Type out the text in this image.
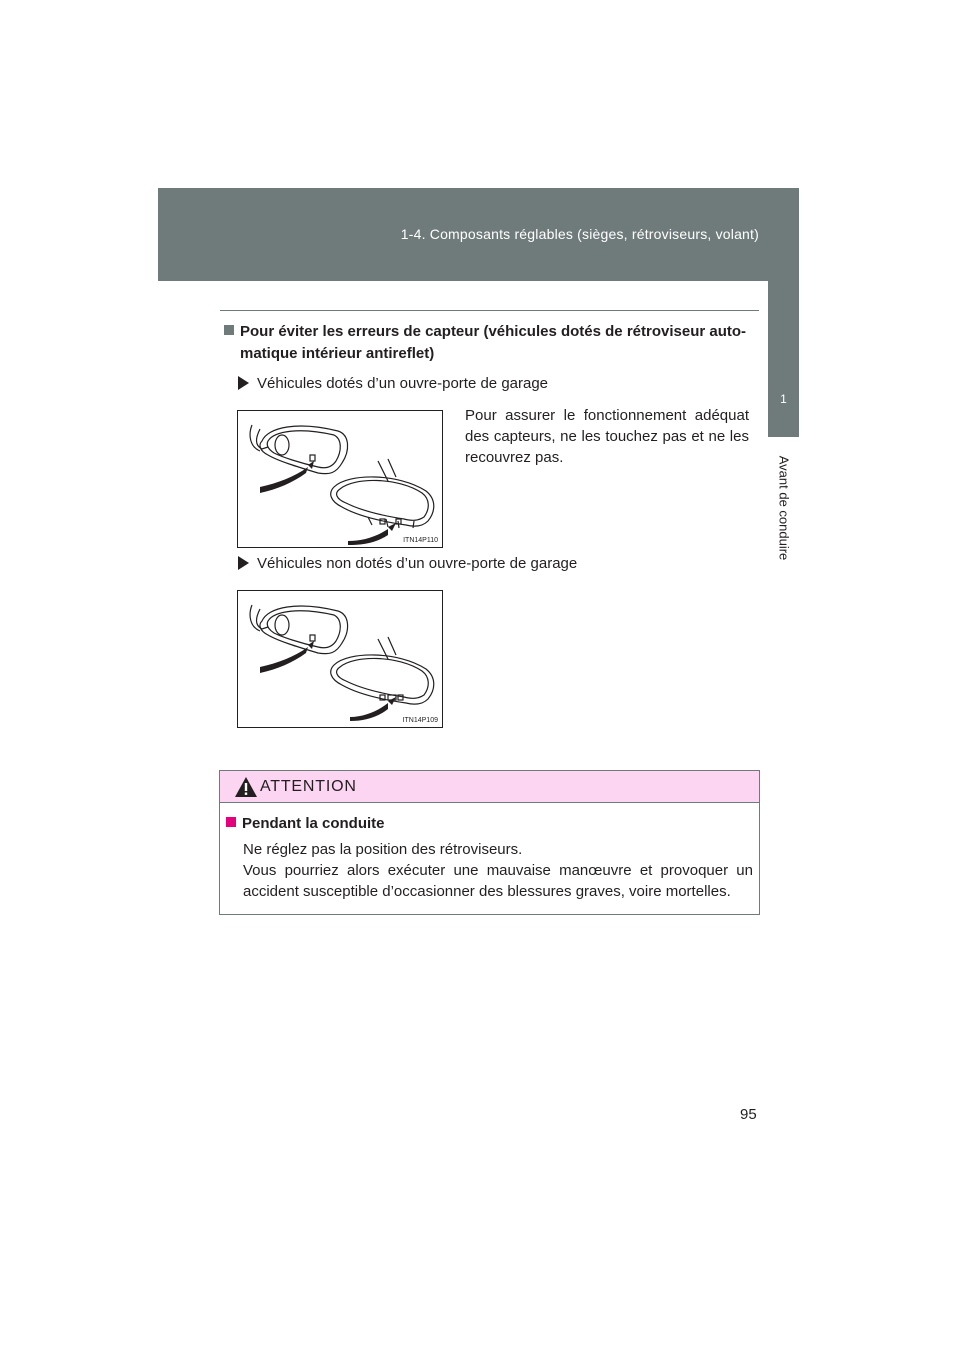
1-4. Composants réglables (sièges, rétroviseurs, volant)
1
Avant de conduire
Pour éviter les erreurs de capteur (véhicules dotés de rétroviseur auto-
matique intérieur antireflet)
Véhicules dotés d’un ouvre-porte de garage
ITN14P110
Pour assurer le fonctionnement adéquat des capteurs, ne les touchez pas et ne les recouvrez pas.
Véhicules non dotés d’un ouvre-porte de garage
ITN14P109
ATTENTION
Pendant la conduite
Ne réglez pas la position des rétroviseurs.
Vous pourriez alors exécuter une mauvaise manœuvre et provoquer un
accident susceptible d’occasionner des blessures graves, voire mortelles.
95
